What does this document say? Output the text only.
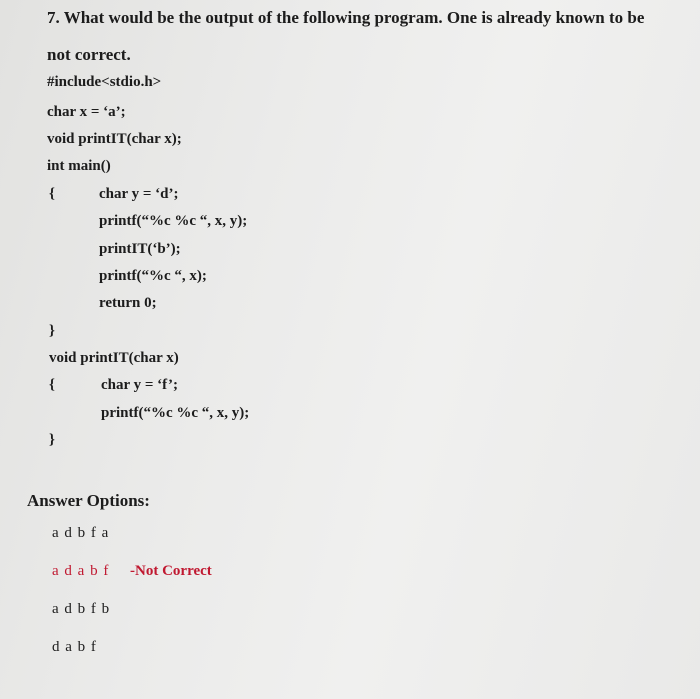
7. What would be the output of the following program. One is already known to be
not correct.
#include<stdio.h>
char x = ‘a’;
void printIT(char x);
int main()
{	char y = ‘d’;
printf(“%c %c “, x, y);
printIT(‘b’);
printf(“%c “, x);
return 0;
}
void printIT(char x)
{	char y = ‘f’;
printf(“%c %c “, x, y);
}
Answer Options:
a d b f a
a d a b f -Not Correct
a d b f b
d a b f
